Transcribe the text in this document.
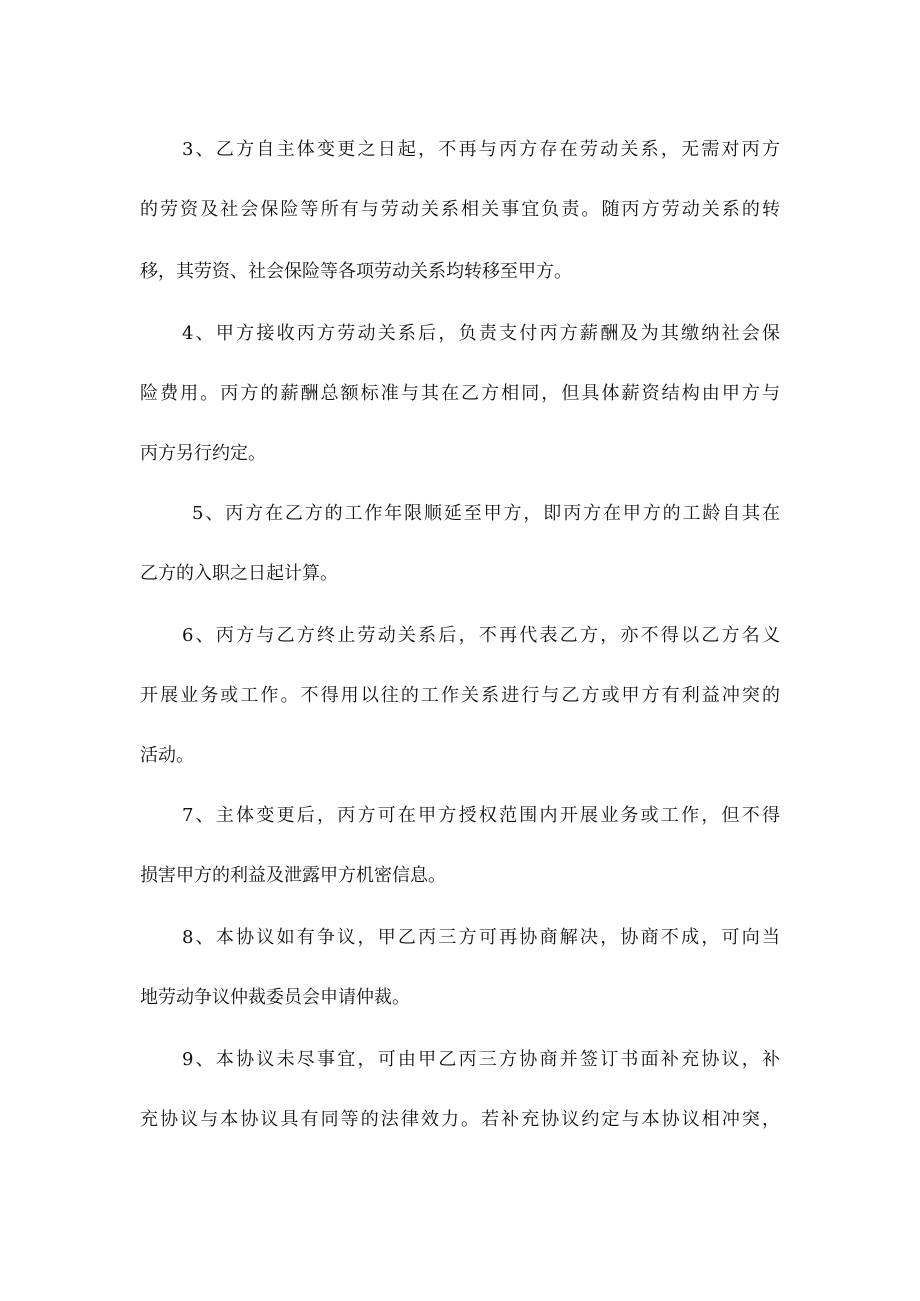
3、乙方自主体变更之日起，不再与丙方存在劳动关系，无需对丙方
的劳资及社会保险等所有与劳动关系相关事宜负责。随丙方劳动关系的转
移，其劳资、社会保险等各项劳动关系均转移至甲方。
4、甲方接收丙方劳动关系后，负责支付丙方薪酬及为其缴纳社会保
险费用。丙方的薪酬总额标准与其在乙方相同，但具体薪资结构由甲方与
丙方另行约定。
5、丙方在乙方的工作年限顺延至甲方，即丙方在甲方的工龄自其在
乙方的入职之日起计算。
6、丙方与乙方终止劳动关系后，不再代表乙方，亦不得以乙方名义
开展业务或工作。不得用以往的工作关系进行与乙方或甲方有利益冲突的
活动。
7、主体变更后，丙方可在甲方授权范围内开展业务或工作，但不得
损害甲方的利益及泄露甲方机密信息。
8、本协议如有争议，甲乙丙三方可再协商解决，协商不成，可向当
地劳动争议仲裁委员会申请仲裁。
9、本协议未尽事宜，可由甲乙丙三方协商并签订书面补充协议，补
充协议与本协议具有同等的法律效力。若补充协议约定与本协议相冲突，
